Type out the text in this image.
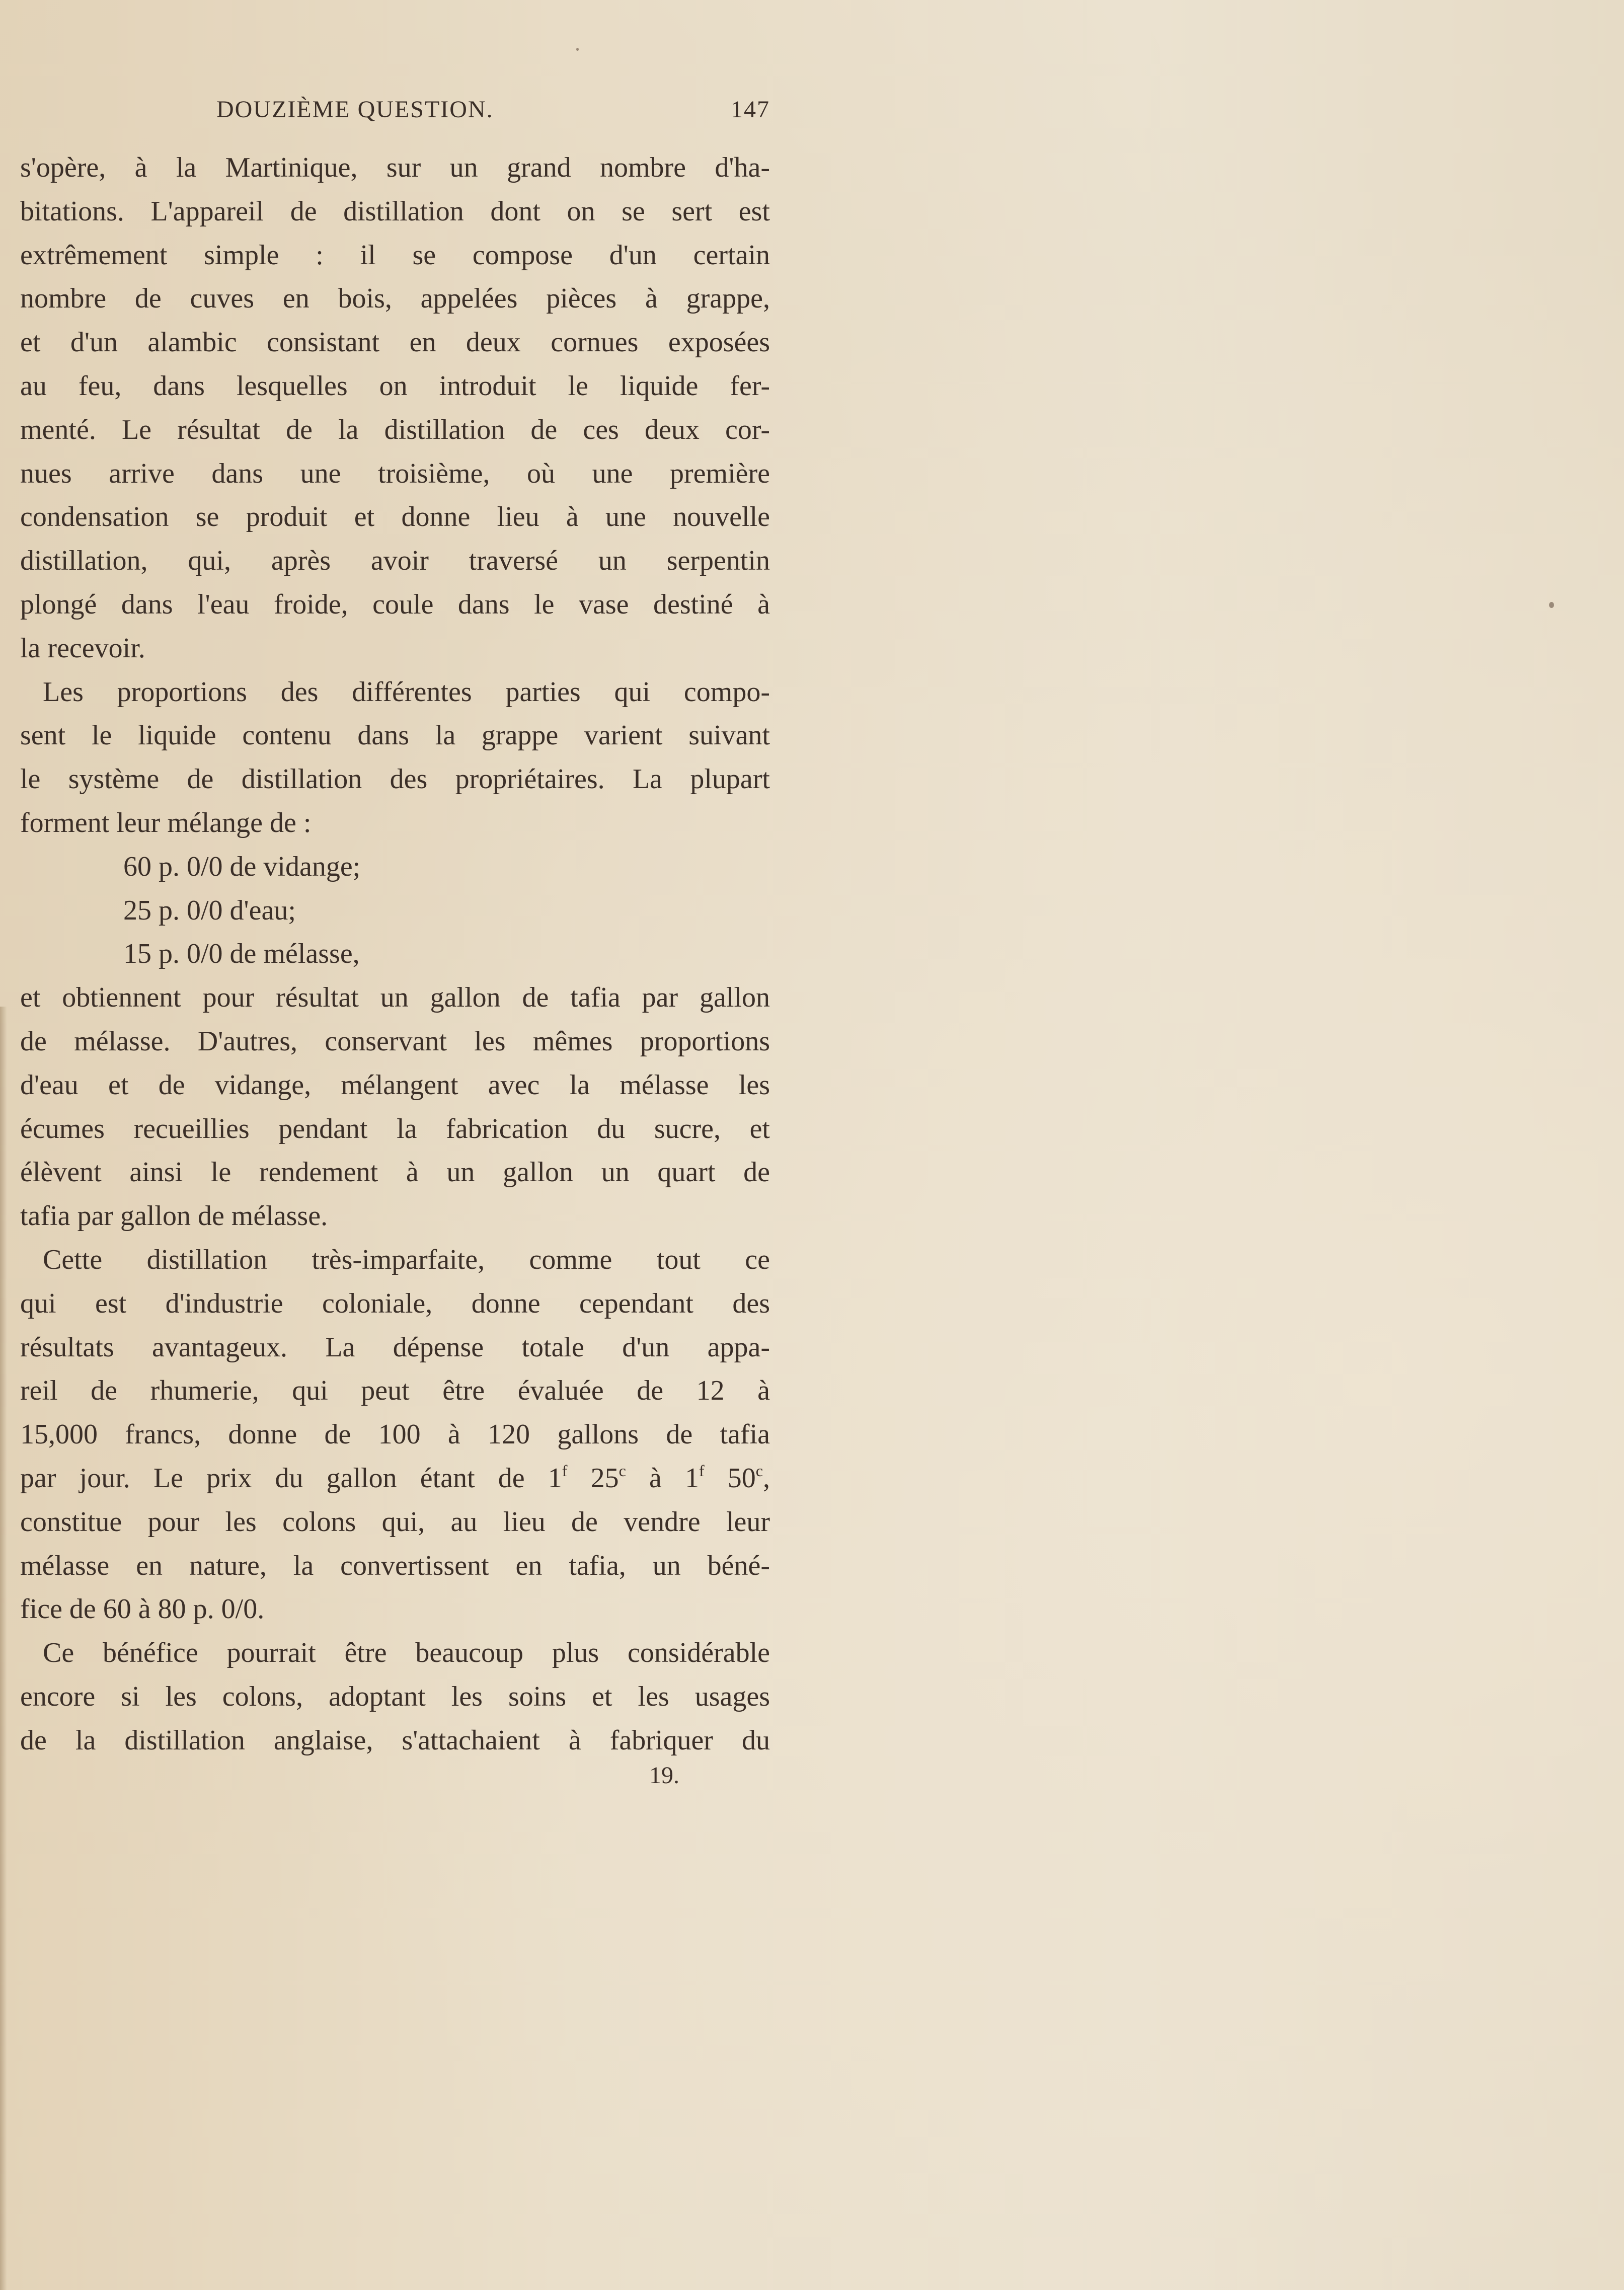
DOUZIÈME QUESTION.	147
s'opère, à la Martinique, sur un grand nombre d'ha-
bitations. L'appareil de distillation dont on se sert est
extrêmement simple : il se compose d'un certain
nombre de cuves en bois, appelées pièces à grappe,
et d'un alambic consistant en deux cornues exposées
au feu, dans lesquelles on introduit le liquide fer-
menté. Le résultat de la distillation de ces deux cor-
nues arrive dans une troisième, où une première
condensation se produit et donne lieu à une nouvelle
distillation, qui, après avoir traversé un serpentin
plongé dans l'eau froide, coule dans le vase destiné à
la recevoir.
Les proportions des différentes parties qui compo-
sent le liquide contenu dans la grappe varient suivant
le système de distillation des propriétaires. La plupart
forment leur mélange de :
60 p. 0/0 de vidange;
25 p. 0/0 d'eau;
15 p. 0/0 de mélasse,
et obtiennent pour résultat un gallon de tafia par gallon
de mélasse. D'autres, conservant les mêmes proportions
d'eau et de vidange, mélangent avec la mélasse les
écumes recueillies pendant la fabrication du sucre, et
élèvent ainsi le rendement à un gallon un quart de
tafia par gallon de mélasse.
Cette distillation très-imparfaite, comme tout ce
qui est d'industrie coloniale, donne cependant des
résultats avantageux. La dépense totale d'un appa-
reil de rhumerie, qui peut être évaluée de 12 à
15,000 francs, donne de 100 à 120 gallons de tafia
par jour. Le prix du gallon étant de 1$^f$ 25$^c$ à 1$^f$ 50$^c$,
constitue pour les colons qui, au lieu de vendre leur
mélasse en nature, la convertissent en tafia, un béné-
fice de 60 à 80 p. 0/0.
Ce bénéfice pourrait être beaucoup plus considérable
encore si les colons, adoptant les soins et les usages
de la distillation anglaise, s'attachaient à fabriquer du
19.
